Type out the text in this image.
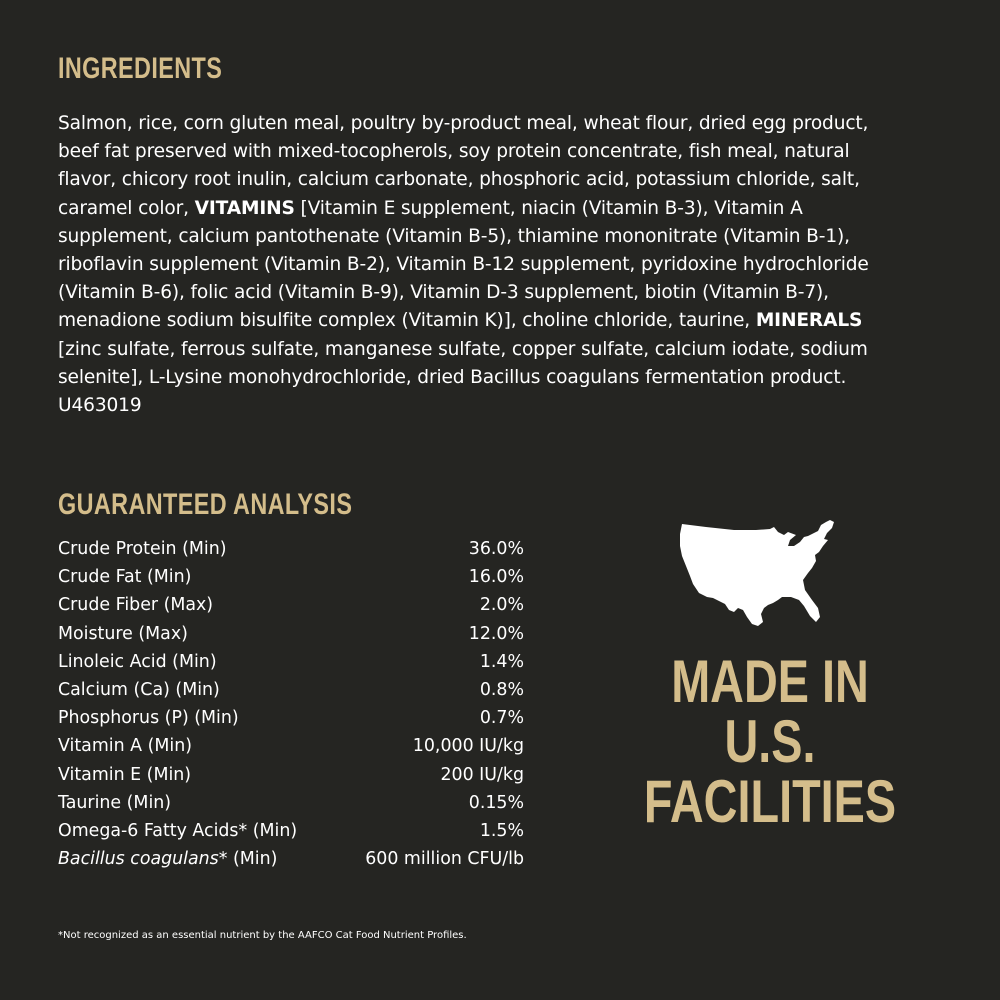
INGREDIENTS
Salmon, rice, corn gluten meal, poultry by-product meal, wheat flour, dried egg product,
beef fat preserved with mixed-tocopherols, soy protein concentrate, fish meal, natural
flavor, chicory root inulin, calcium carbonate, phosphoric acid, potassium chloride, salt,
caramel color, VITAMINS [Vitamin E supplement, niacin (Vitamin B-3), Vitamin A
supplement, calcium pantothenate (Vitamin B-5), thiamine mononitrate (Vitamin B-1),
riboflavin supplement (Vitamin B-2), Vitamin B-12 supplement, pyridoxine hydrochloride
(Vitamin B-6), folic acid (Vitamin B-9), Vitamin D-3 supplement, biotin (Vitamin B-7),
menadione sodium bisulfite complex (Vitamin K)], choline chloride, taurine, MINERALS
[zinc sulfate, ferrous sulfate, manganese sulfate, copper sulfate, calcium iodate, sodium
selenite], L-Lysine monohydrochloride, dried Bacillus coagulans fermentation product.
U463019
GUARANTEED ANALYSIS
Crude Protein (Min)	36.0%
Crude Fat (Min)	16.0%
Crude Fiber (Max)	2.0%
Moisture (Max)	12.0%
Linoleic Acid (Min)	1.4%
Calcium (Ca) (Min)	0.8%
Phosphorus (P) (Min)	0.7%
Vitamin A (Min)	10,000 IU/kg
Vitamin E (Min)	200 IU/kg
Taurine (Min)	0.15%
Omega-6 Fatty Acids* (Min)	1.5%
Bacillus coagulans* (Min)	600 million CFU/lb
MADE IN
U.S.
FACILITIES
*Not recognized as an essential nutrient by the AAFCO Cat Food Nutrient Profiles.
